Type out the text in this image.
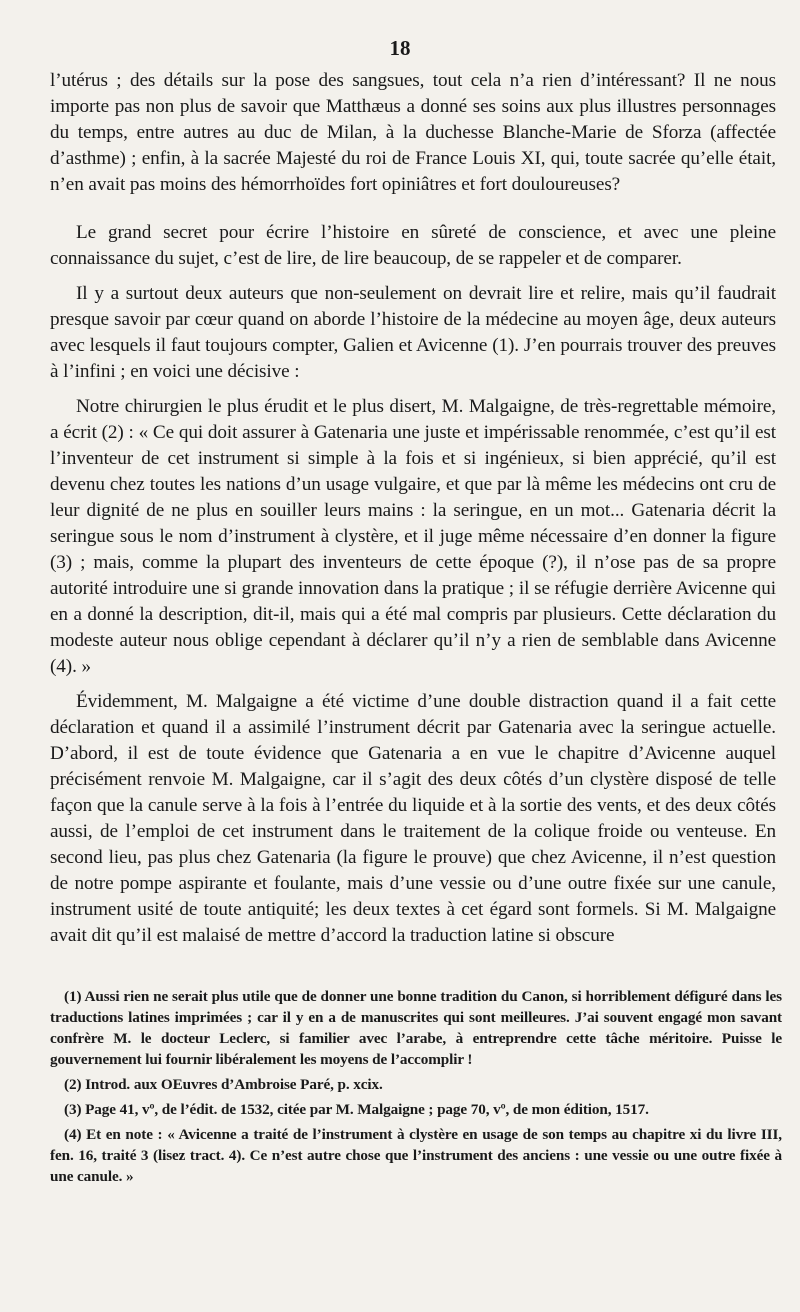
18

l’utérus ; des détails sur la pose des sangsues, tout cela n’a rien d’intéressant? Il ne nous importe pas non plus de savoir que Matthæus a donné ses soins aux plus illustres personnages du temps, entre autres au duc de Milan, à la duchesse Blanche-Marie de Sforza (affectée d’asthme) ; enfin, à la sacrée Majesté du roi de France Louis XI, qui, toute sacrée qu’elle était, n’en avait pas moins des hémorrhoïdes fort opiniâtres et fort douloureuses?

Le grand secret pour écrire l’histoire en sûreté de conscience, et avec une pleine connaissance du sujet, c’est de lire, de lire beaucoup, de se rappeler et de comparer.

Il y a surtout deux auteurs que non-seulement on devrait lire et relire, mais qu’il faudrait presque savoir par cœur quand on aborde l’histoire de la médecine au moyen âge, deux auteurs avec lesquels il faut toujours compter, Galien et Avicenne (1). J’en pourrais trouver des preuves à l’infini ; en voici une décisive :

Notre chirurgien le plus érudit et le plus disert, M. Malgaigne, de très-regrettable mémoire, a écrit (2) : « Ce qui doit assurer à Gatenaria une juste et impérissable renommée, c’est qu’il est l’inventeur de cet instrument si simple à la fois et si ingénieux, si bien apprécié, qu’il est devenu chez toutes les nations d’un usage vulgaire, et que par là même les médecins ont cru de leur dignité de ne plus en souiller leurs mains : la seringue, en un mot... Gatenaria décrit la seringue sous le nom d’instrument à clystère, et il juge même nécessaire d’en donner la figure (3) ; mais, comme la plupart des inventeurs de cette époque (?), il n’ose pas de sa propre autorité introduire une si grande innovation dans la pratique ; il se réfugie derrière Avicenne qui en a donné la description, dit-il, mais qui a été mal compris par plusieurs. Cette déclaration du modeste auteur nous oblige cependant à déclarer qu’il n’y a rien de semblable dans Avicenne (4). »

Évidemment, M. Malgaigne a été victime d’une double distraction quand il a fait cette déclaration et quand il a assimilé l’instrument décrit par Gatenaria avec la seringue actuelle. D’abord, il est de toute évidence que Gatenaria a en vue le chapitre d’Avicenne auquel précisément renvoie M. Malgaigne, car il s’agit des deux côtés d’un clystère disposé de telle façon que la canule serve à la fois à l’entrée du liquide et à la sortie des vents, et des deux côtés aussi, de l’emploi de cet instrument dans le traitement de la colique froide ou venteuse. En second lieu, pas plus chez Gatenaria (la figure le prouve) que chez Avicenne, il n’est question de notre pompe aspirante et foulante, mais d’une vessie ou d’une outre fixée sur une canule, instrument usité de toute antiquité; les deux textes à cet égard sont formels. Si M. Malgaigne avait dit qu’il est malaisé de mettre d’accord la traduction latine si obscure

(1) Aussi rien ne serait plus utile que de donner une bonne tradition du Canon, si horriblement défiguré dans les traductions latines imprimées ; car il y en a de manuscrites qui sont meilleures. J’ai souvent engagé mon savant confrère M. le docteur Leclerc, si familier avec l’arabe, à entreprendre cette tâche méritoire. Puisse le gouvernement lui fournir libéralement les moyens de l’accomplir !

(2) Introd. aux OEuvres d’Ambroise Paré, p. xcix.

(3) Page 41, vº, de l’édit. de 1532, citée par M. Malgaigne ; page 70, vº, de mon édition, 1517.

(4) Et en note : « Avicenne a traité de l’instrument à clystère en usage de son temps au chapitre xi du livre III, fen. 16, traité 3 (lisez tract. 4). Ce n’est autre chose que l’instrument des anciens : une vessie ou une outre fixée à une canule. »
